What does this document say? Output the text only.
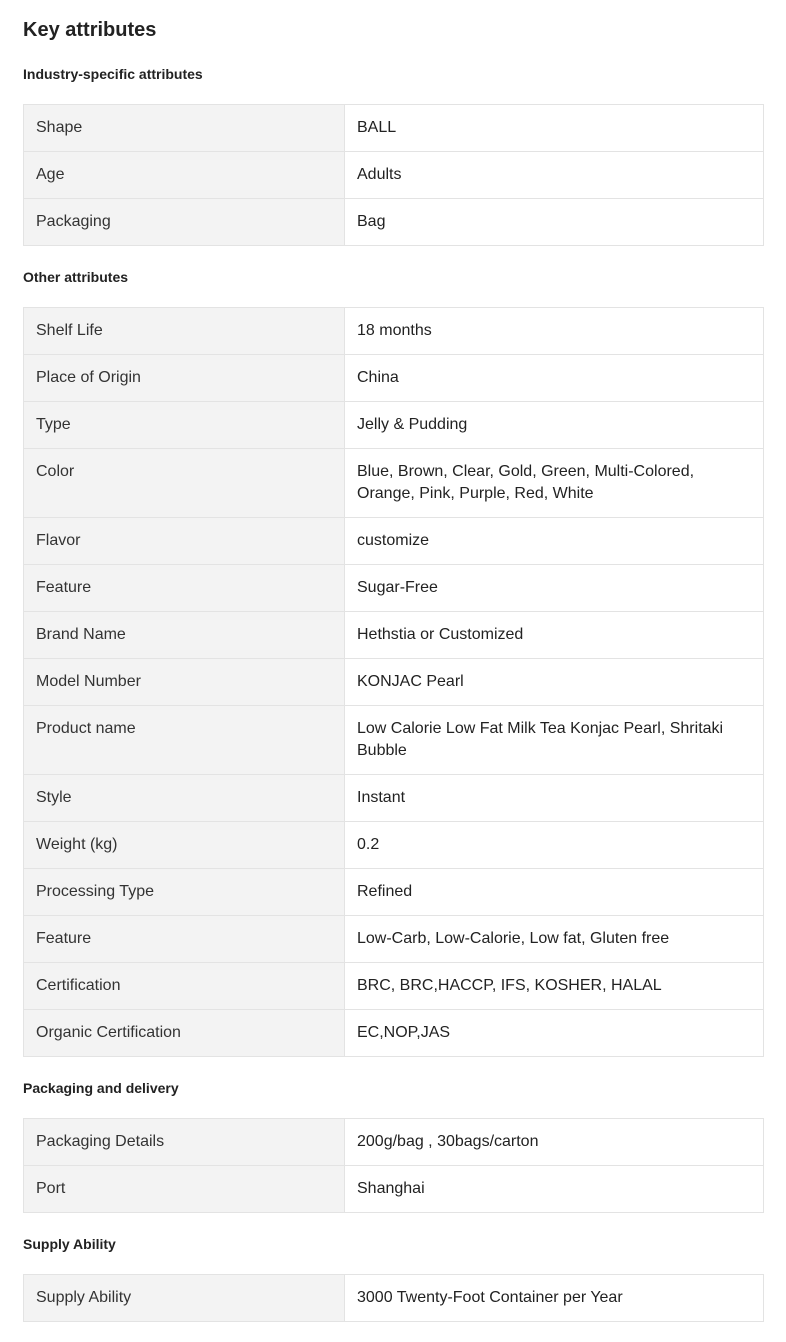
Key attributes
Industry-specific attributes
Shape	BALL
Age	Adults
Packaging	Bag
Other attributes
Shelf Life	18 months
Place of Origin	China
Type	Jelly & Pudding
Color	Blue, Brown, Clear, Gold, Green, Multi-Colored, Orange, Pink, Purple, Red, White
Flavor	customize
Feature	Sugar-Free
Brand Name	Hethstia or Customized
Model Number	KONJAC Pearl
Product name	Low Calorie Low Fat Milk Tea Konjac Pearl, Shritaki Bubble
Style	Instant
Weight (kg)	0.2
Processing Type	Refined
Feature	Low-Carb, Low-Calorie, Low fat, Gluten free
Certification	BRC, BRC,HACCP, IFS, KOSHER, HALAL
Organic Certification	EC,NOP,JAS
Packaging and delivery
Packaging Details	200g/bag , 30bags/carton
Port	Shanghai
Supply Ability
Supply Ability	3000 Twenty-Foot Container per Year
